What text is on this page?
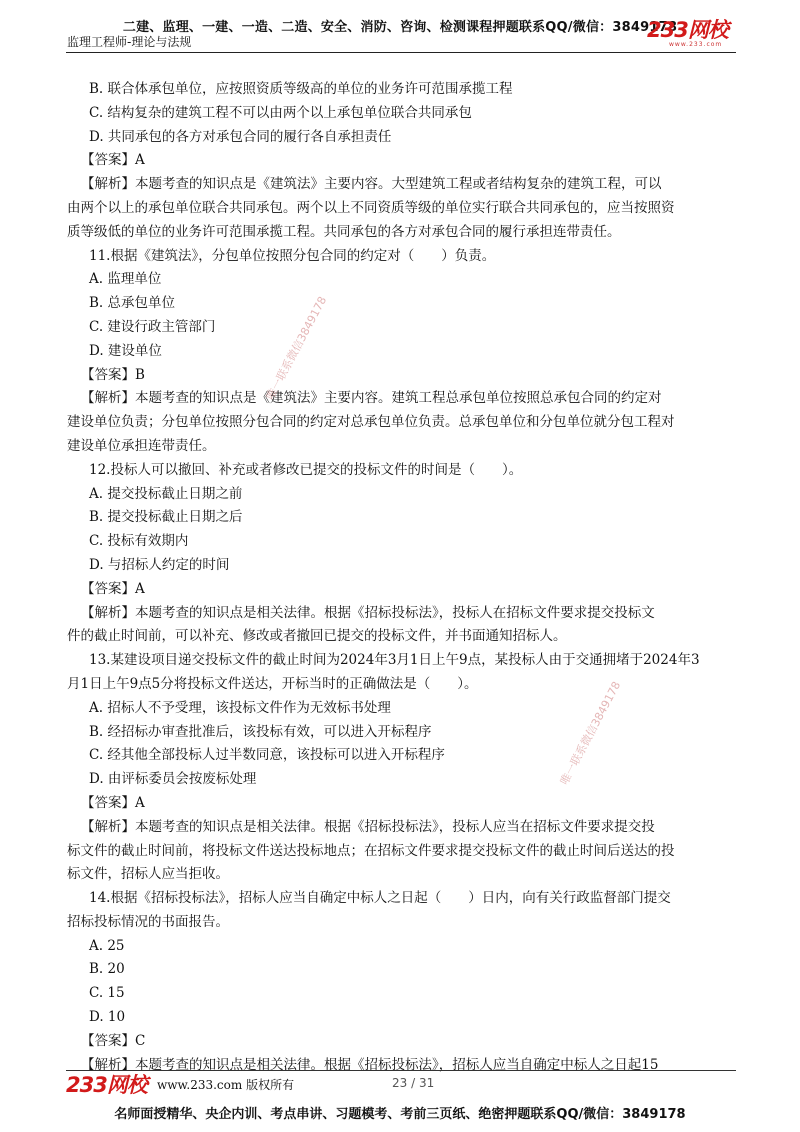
二建、监理、一建、一造、二造、安全、消防、咨询、检测课程押题联系QQ/微信：3849178
监理工程师-理论与法规	233网校
www.233.com
B. 联合体承包单位，应按照资质等级高的单位的业务许可范围承揽工程
C. 结构复杂的建筑工程不可以由两个以上承包单位联合共同承包
D. 共同承包的各方对承包合同的履行各自承担责任
【答案】A
【解析】本题考查的知识点是《建筑法》主要内容。大型建筑工程或者结构复杂的建筑工程，可以
由两个以上的承包单位联合共同承包。两个以上不同资质等级的单位实行联合共同承包的，应当按照资
质等级低的单位的业务许可范围承揽工程。共同承包的各方对承包合同的履行承担连带责任。
11.根据《建筑法》，分包单位按照分包合同的约定对（　　）负责。
A. 监理单位
B. 总承包单位
C. 建设行政主管部门
D. 建设单位
【答案】B
【解析】本题考查的知识点是《建筑法》主要内容。建筑工程总承包单位按照总承包合同的约定对
建设单位负责；分包单位按照分包合同的约定对总承包单位负责。总承包单位和分包单位就分包工程对
建设单位承担连带责任。
12.投标人可以撤回、补充或者修改已提交的投标文件的时间是（　　）。
A. 提交投标截止日期之前
B. 提交投标截止日期之后
C. 投标有效期内
D. 与招标人约定的时间
【答案】A
【解析】本题考查的知识点是相关法律。根据《招标投标法》，投标人在招标文件要求提交投标文
件的截止时间前，可以补充、修改或者撤回已提交的投标文件，并书面通知招标人。
13.某建设项目递交投标文件的截止时间为2024年3月1日上午9点，某投标人由于交通拥堵于2024年3
月1日上午9点5分将投标文件送达，开标当时的正确做法是（　　）。
A. 招标人不予受理，该投标文件作为无效标书处理
B. 经招标办审查批准后，该投标有效，可以进入开标程序
C. 经其他全部投标人过半数同意，该投标可以进入开标程序
D. 由评标委员会按废标处理
【答案】A
【解析】本题考查的知识点是相关法律。根据《招标投标法》，投标人应当在招标文件要求提交投
标文件的截止时间前，将投标文件送达投标地点；在招标文件要求提交投标文件的截止时间后送达的投
标文件，招标人应当拒收。
14.根据《招标投标法》，招标人应当自确定中标人之日起（　　）日内，向有关行政监督部门提交
招标投标情况的书面报告。
A. 25
B. 20
C. 15
D. 10
【答案】C
【解析】本题考查的知识点是相关法律。根据《招标投标法》，招标人应当自确定中标人之日起15
唯一联系微信3849178
唯一联系微信3849178
233网校 www.233.com 版权所有	23 / 31
名师面授精华、央企内训、考点串讲、习题模考、考前三页纸、绝密押题联系QQ/微信：3849178
